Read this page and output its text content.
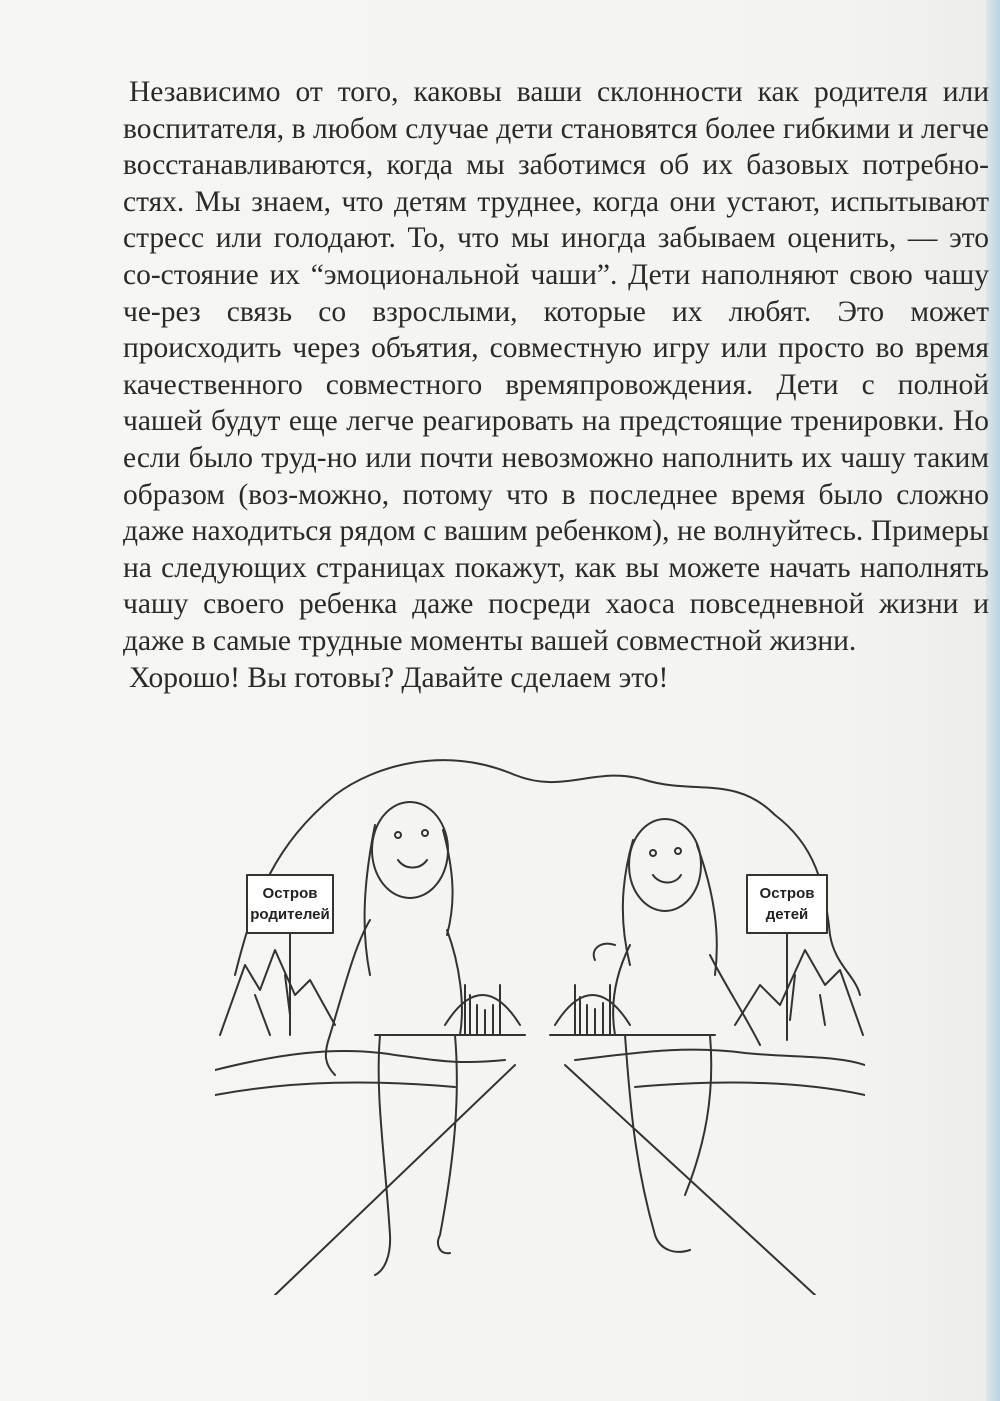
Независимо от того, каковы ваши склонности как родителя или воспитателя, в любом случае дети становятся более гибкими и легче восстанавливаются, когда мы заботимся об их базовых потребно-стях. Мы знаем, что детям труднее, когда они устают, испытывают стресс или голодают. То, что мы иногда забываем оценить, — это со-стояние их “эмоциональной чаши”. Дети наполняют свою чашу че-рез связь со взрослыми, которые их любят. Это может происходить через объятия, совместную игру или просто во время качественного совместного времяпровождения. Дети с полной чашей будут еще легче реагировать на предстоящие тренировки. Но если было труд-но или почти невозможно наполнить их чашу таким образом (воз-можно, потому что в последнее время было сложно даже находиться рядом с вашим ребенком), не волнуйтесь. Примеры на следующих страницах покажут, как вы можете начать наполнять чашу своего ребенка даже посреди хаоса повседневной жизни и даже в самые трудные моменты вашей совместной жизни.

Хорошо! Вы готовы? Давайте сделаем это!

Остров
родителей
Остров
детей
